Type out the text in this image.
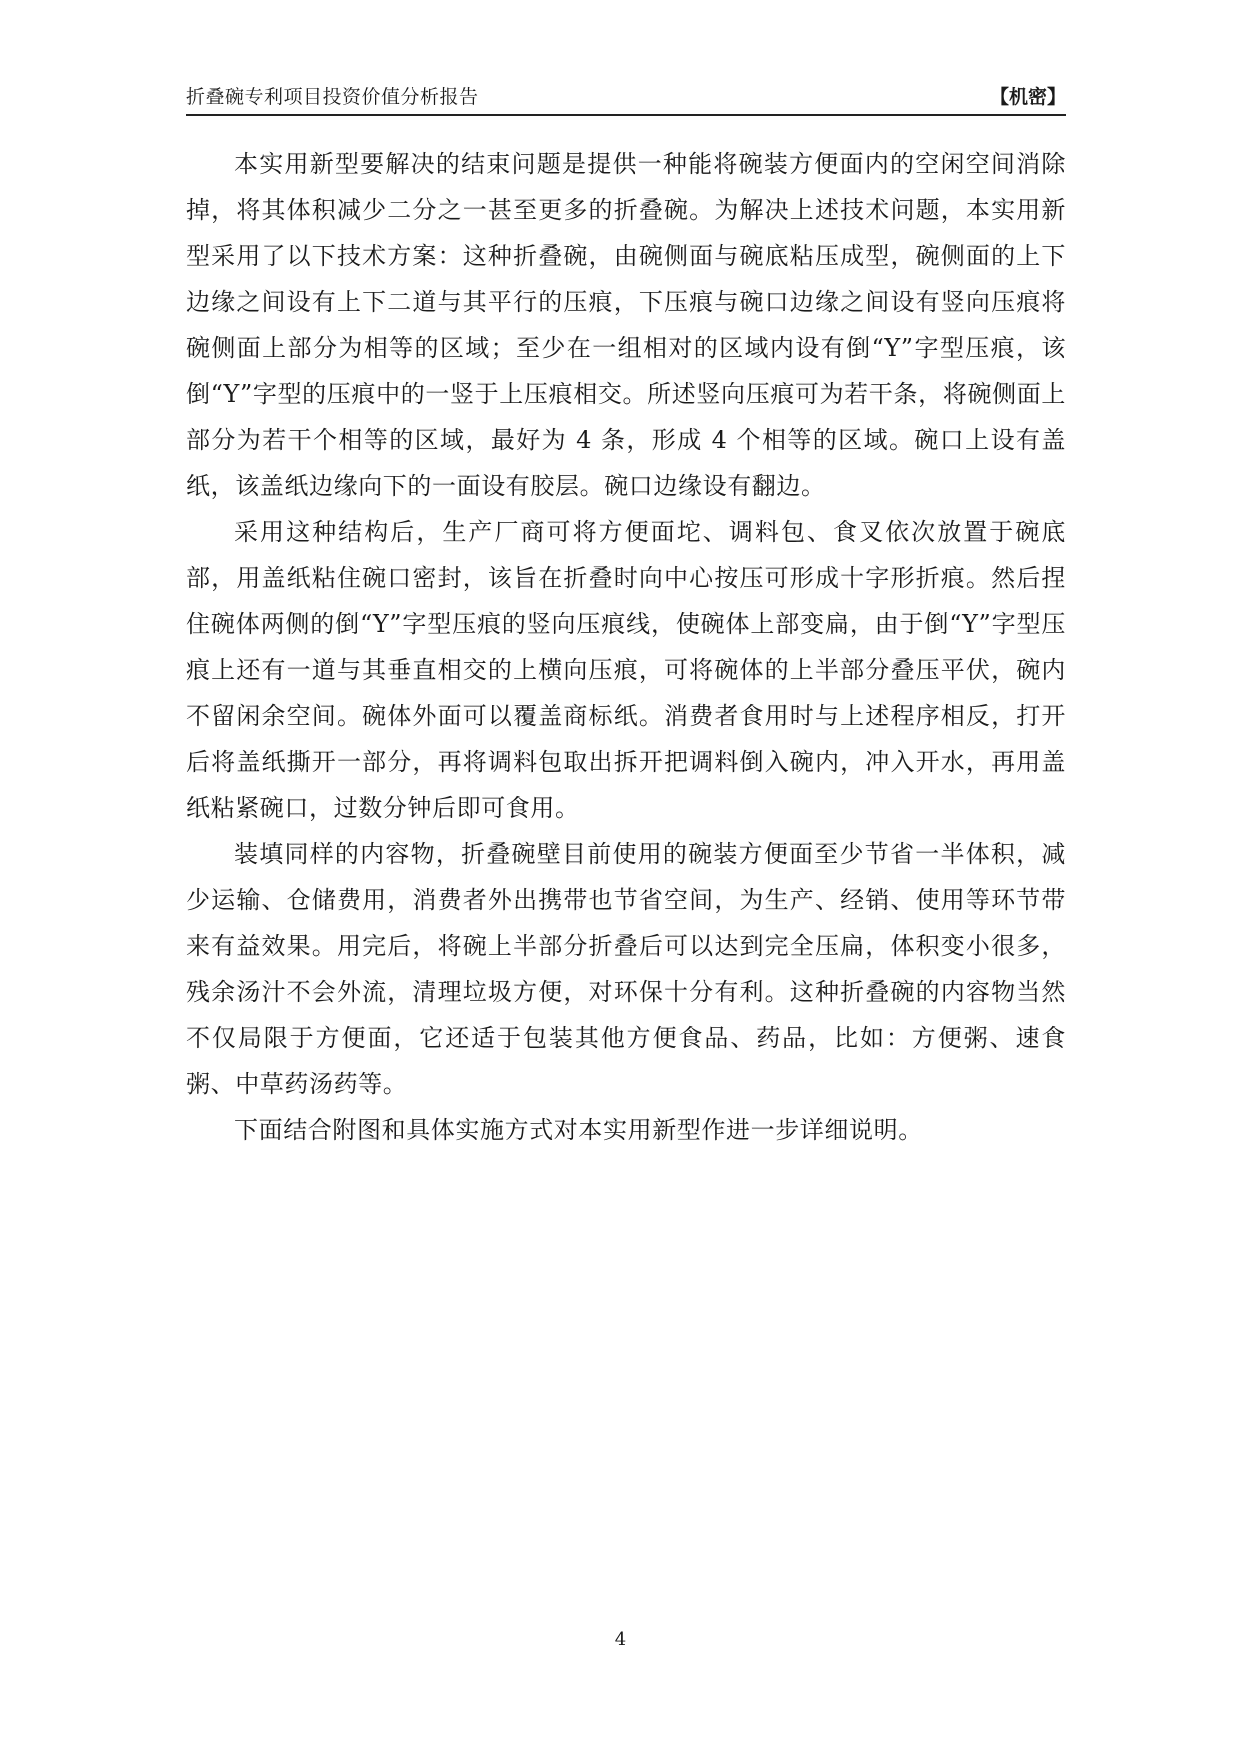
折叠碗专利项目投资价值分析报告	【机密】

本实用新型要解决的结束问题是提供一种能将碗装方便面内的空闲空间消除掉，将其体积减少二分之一甚至更多的折叠碗。为解决上述技术问题，本实用新型采用了以下技术方案：这种折叠碗，由碗侧面与碗底粘压成型，碗侧面的上下边缘之间设有上下二道与其平行的压痕，下压痕与碗口边缘之间设有竖向压痕将碗侧面上部分为相等的区域；至少在一组相对的区域内设有倒“Y”字型压痕，该倒“Y”字型的压痕中的一竖于上压痕相交。所述竖向压痕可为若干条，将碗侧面上部分为若干个相等的区域，最好为 4 条，形成 4 个相等的区域。碗口上设有盖纸，该盖纸边缘向下的一面设有胶层。碗口边缘设有翻边。

采用这种结构后，生产厂商可将方便面坨、调料包、食叉依次放置于碗底部，用盖纸粘住碗口密封，该旨在折叠时向中心按压可形成十字形折痕。然后捏住碗体两侧的倒“Y”字型压痕的竖向压痕线，使碗体上部变扁，由于倒“Y”字型压痕上还有一道与其垂直相交的上横向压痕，可将碗体的上半部分叠压平伏，碗内不留闲余空间。碗体外面可以覆盖商标纸。消费者食用时与上述程序相反，打开后将盖纸撕开一部分，再将调料包取出拆开把调料倒入碗内，冲入开水，再用盖纸粘紧碗口，过数分钟后即可食用。

装填同样的内容物，折叠碗壁目前使用的碗装方便面至少节省一半体积，减少运输、仓储费用，消费者外出携带也节省空间，为生产、经销、使用等环节带来有益效果。用完后，将碗上半部分折叠后可以达到完全压扁，体积变小很多，残余汤汁不会外流，清理垃圾方便，对环保十分有利。这种折叠碗的内容物当然不仅局限于方便面，它还适于包装其他方便食品、药品，比如：方便粥、速食粥、中草药汤药等。

下面结合附图和具体实施方式对本实用新型作进一步详细说明。

4
